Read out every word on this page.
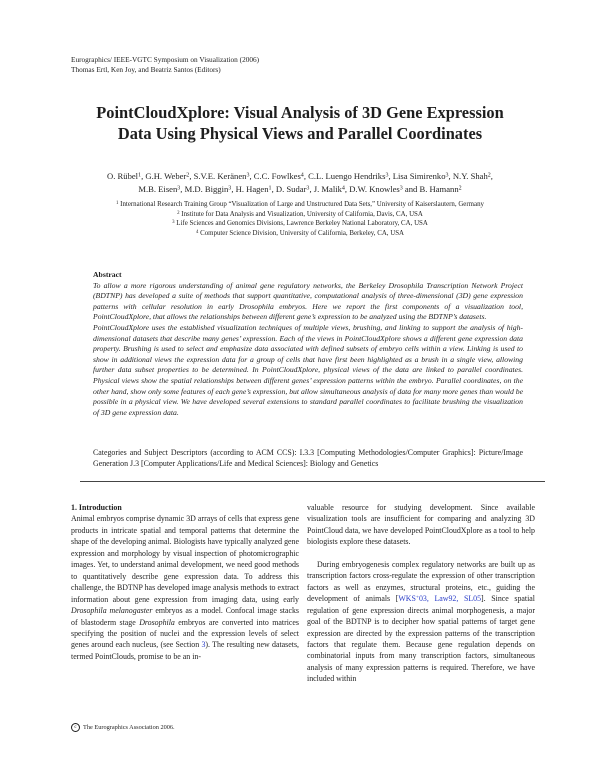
Eurographics/ IEEE-VGTC Symposium on Visualization (2006)
Thomas Ertl, Ken Joy, and Beatriz Santos (Editors)
PointCloudXplore: Visual Analysis of 3D Gene Expression
Data Using Physical Views and Parallel Coordinates
O. Rübel$^1$, G.H. Weber$^2$, S.V.E. Keränen$^3$, C.C. Fowlkes$^4$, C.L. Luengo Hendriks$^3$, Lisa Simirenko$^3$, N.Y. Shah$^2$,
M.B. Eisen$^3$, M.D. Biggin$^3$, H. Hagen$^1$, D. Sudar$^3$, J. Malik$^4$, D.W. Knowles$^3$ and B. Hamann$^2$
$^1$ International Research Training Group “Visualization of Large and Unstructured Data Sets,” University of Kaiserslautern, Germany
$^2$ Institute for Data Analysis and Visualization, University of California, Davis, CA, USA
$^3$ Life Sciences and Genomics Divisions, Lawrence Berkeley National Laboratory, CA, USA
$^4$ Computer Science Division, University of California, Berkeley, CA, USA
Abstract

To allow a more rigorous understanding of animal gene regulatory networks, the Berkeley Drosophila Transcription Network Project (BDTNP) has developed a suite of methods that support quantitative, computational analysis of three-dimensional (3D) gene expression patterns with cellular resolution in early Drosophila embryos. Here we report the first components of a visualization tool, PointCloudXplore, that allows the relationships between different gene’s expression to be analyzed using the BDTNP’s datasets.

PointCloudXplore uses the established visualization techniques of multiple views, brushing, and linking to support the analysis of high-dimensional datasets that describe many genes’ expression. Each of the views in PointCloudXplore shows a different gene expression data property. Brushing is used to select and emphasize data associated with defined subsets of embryo cells within a view. Linking is used to show in additional views the expression data for a group of cells that have first been highlighted as a brush in a single view, allowing further data subset properties to be determined. In PointCloudXplore, physical views of the data are linked to parallel coordinates. Physical views show the spatial relationships between different genes’ expression patterns within the embryo. Parallel coordinates, on the other hand, show only some features of each gene’s expression, but allow simultaneous analysis of data for many more genes than would be possible in a physical view. We have developed several extensions to standard parallel coordinates to facilitate brushing the visualization of 3D gene expression data.

Categories and Subject Descriptors (according to ACM CCS): I.3.3 [Computing Methodologies/Computer Graphics]: Picture/Image Generation J.3 [Computer Applications/Life and Medical Sciences]: Biology and Genetics

1. Introduction

Animal embryos comprise dynamic 3D arrays of cells that express gene products in intricate spatial and temporal patterns that determine the shape of the developing animal. Biologists have typically analyzed gene expression and morphology by visual inspection of photomicrographic images. Yet, to understand animal development, we need good methods to quantitatively describe gene expression data. To address this challenge, the BDTNP has developed image analysis methods to extract information about gene expression from imaging data, using early Drosophila melanogaster embryos as a model. Confocal image stacks of blastoderm stage Drosophila embryos are converted into matrices specifying the position of nuclei and the expression levels of select genes around each nucleus, (see Section 3). The resulting new datasets, termed PointClouds, promise to be an in-

valuable resource for studying development. Since available visualization tools are insufficient for comparing and analyzing 3D PointCloud data, we have developed PointCloudXplore as a tool to help biologists explore these datasets.

During embryogenesis complex regulatory networks are built up as transcription factors cross-regulate the expression of other transcription factors as well as enzymes, structural proteins, etc., guiding the development of animals [WKS+03, Law92, SL05]. Since spatial regulation of gene expression directs animal morphogenesis, a major goal of the BDTNP is to decipher how spatial patterns of target gene expression are directed by the expression patterns of the transcription factors that regulate them. Because gene regulation depends on combinatorial inputs from many transcription factors, simultaneous analysis of many expression patterns is required. Therefore, we have included within

c The Eurographics Association 2006.
